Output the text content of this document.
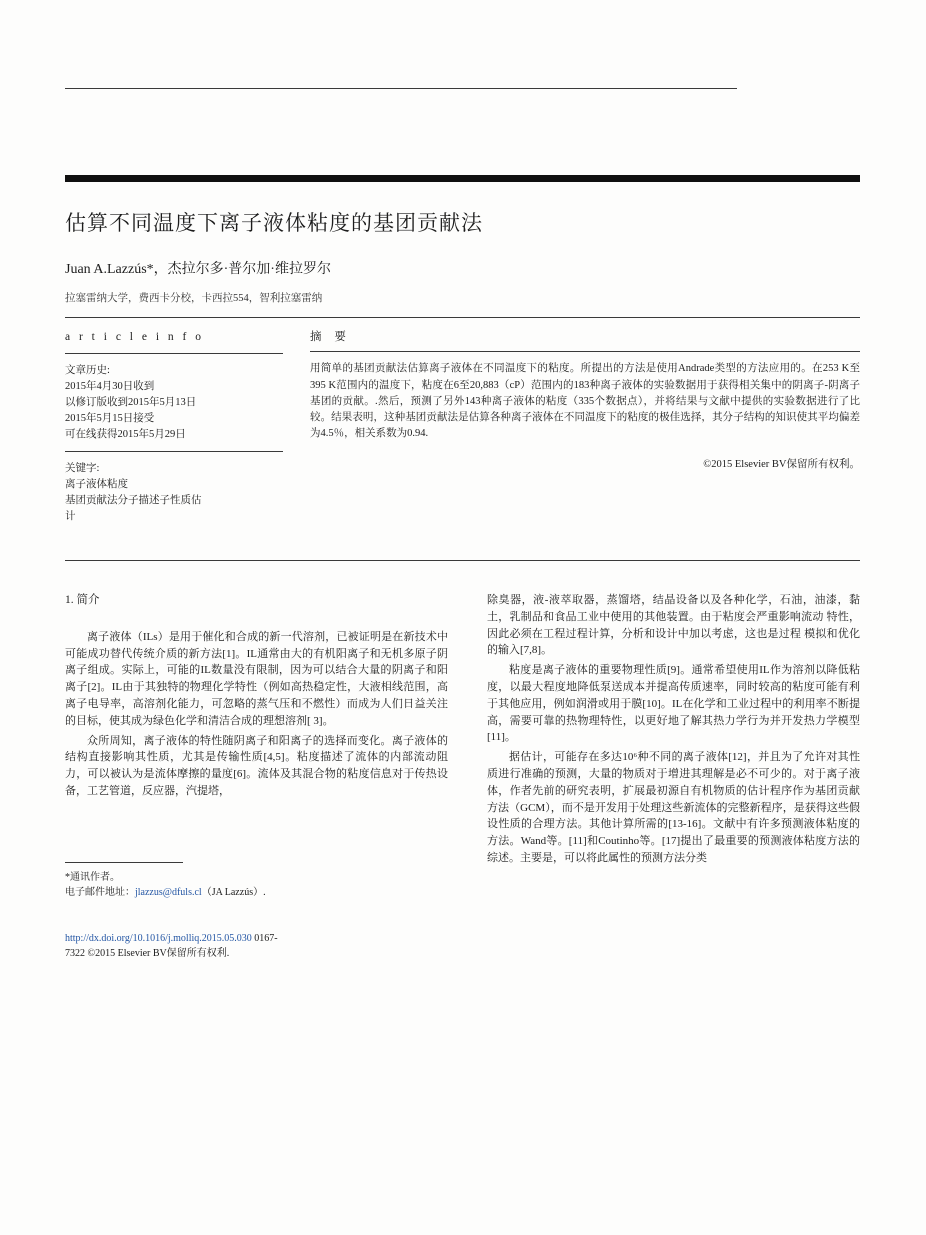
估算不同温度下离子液体粘度的基团贡献法
Juan A.Lazzús*，杰拉尔多·普尔加·维拉罗尔
拉塞雷纳大学，费西卡分校，卡西拉554，智利拉塞雷纳
a r t i c l e i n f o
文章历史:
2015年4月30日收到
以修订版收到2015年5月13日
2015年5月15日接受
可在线获得2015年5月29日
关键字:
离子液体粘度
基团贡献法分子描述子性质估
计
摘 要

用简单的基团贡献法估算离子液体在不同温度下的粘度。所提出的方法是使用Andrade类型的方法应用的。在253 K至395 K范围内的温度下，粘度在6至20,883（cP）范围内的183种离子液体的实验数据用于获得相关集中的阴离子-阴离子基团的贡献。.然后，预测了另外143种离子液体的粘度（335个数据点），并将结果与文献中提供的实验数据进行了比较。结果表明，这种基团贡献法是估算各种离子液体在不同温度下的粘度的极佳选择，其分子结构的知识使其平均偏差为4.5％，相关系数为0.94.

©2015 Elsevier BV保留所有权利。
1. 简介

离子液体（ILs）是用于催化和合成的新一代溶剂，已被证明是在新技术中可能成功替代传统介质的新方法[1]。IL通常由大的有机阳离子和无机多原子阴离子组成。实际上，可能的IL数量没有限制，因为可以结合大量的阴离子和阳离子[2]。IL由于其独特的物理化学特性（例如高热稳定性，大液相线范围，高离子电导率，高溶剂化能力，可忽略的蒸气压和不燃性）而成为人们日益关注的目标，使其成为绿色化学和清洁合成的理想溶剂[ 3]。

众所周知，离子液体的特性随阴离子和阳离子的选择而变化。离子液体的结构直接影响其性质，尤其是传输性质[4,5]。粘度描述了流体的内部流动阻力，可以被认为是流体摩擦的量度[6]。流体及其混合物的粘度信息对于传热设备，工艺管道，反应器，汽提塔，

除臭器，液-液萃取器，蒸馏塔，结晶设备以及各种化学，石油，油漆，黏土，乳制品和食品工业中使用的其他装置。由于粘度会严重影响流动 特性，因此必须在工程过程计算，分析和设计中加以考虑，这也是过程 模拟和优化的输入[7,8]。

粘度是离子液体的重要物理性质[9]。通常希望使用IL作为溶剂以降低粘度，以最大程度地降低泵送成本并提高传质速率，同时较高的粘度可能有利于其他应用，例如润滑或用于膜[10]。IL在化学和工业过程中的利用率不断提高，需要可靠的热物理特性，以更好地了解其热力学行为并开发热力学模型[11]。

据估计，可能存在多达10⁶种不同的离子液体[12]，并且为了允许对其性质进行准确的预测，大量的物质对于增进其理解是必不可少的。对于离子液体，作者先前的研究表明，扩展最初源自有机物质的估计程序作为基团贡献方法（GCM），而不是开发用于处理这些新流体的完整新程序，是获得这些假设性质的合理方法。其他计算所需的[13-16]。文献中有许多预测液体粘度的方法。Wand等。[11]和Coutinho等。[17]提出了最重要的预测液体粘度方法的综述。主要是，可以将此属性的预测方法分类

*通讯作者。
电子邮件地址：jlazzus@dfuls.cl（JA Lazzús）.
http://dx.doi.org/10.1016/j.molliq.2015.05.030 0167-
7322 ©2015 Elsevier BV保留所有权利.
